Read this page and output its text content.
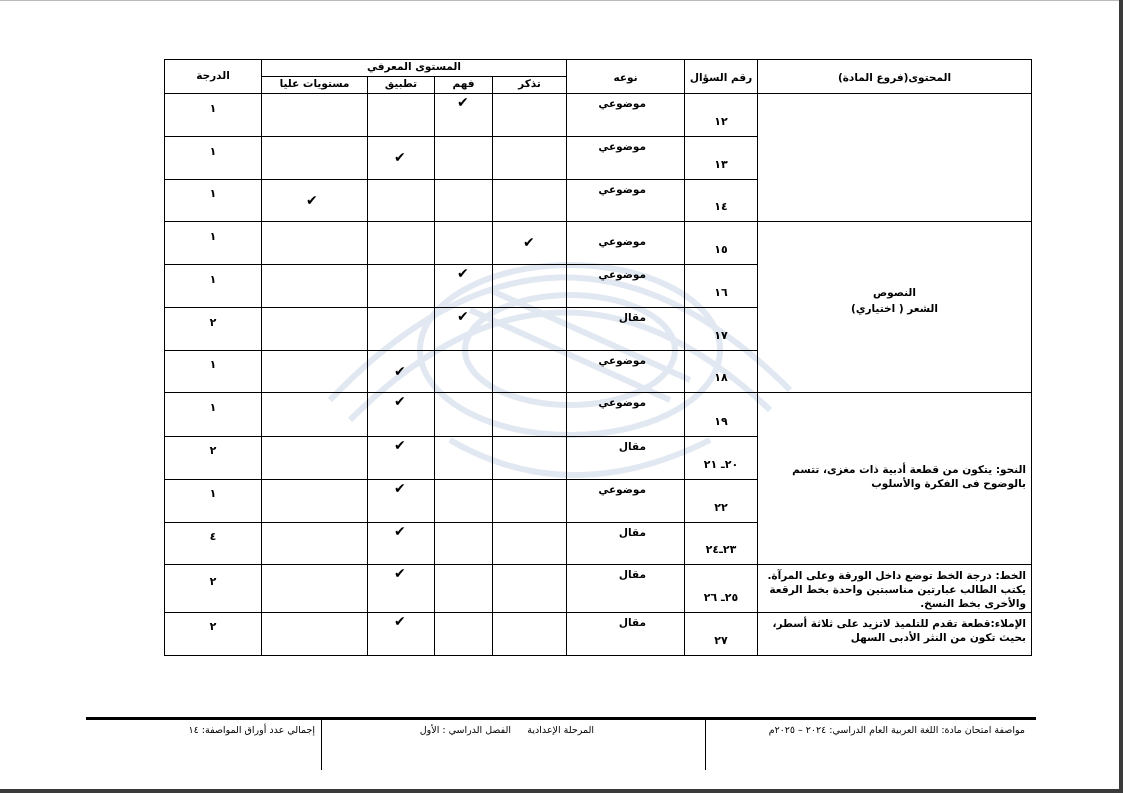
المحتوى(فروع المادة)	رقم السؤال	نوعه	المستوى المعرفي				الدرجة

			تذكر	فهم	تطبيق	مستويات عليا	

	١٢	موضوعي		✔			١

	١٣	موضوعي			✔		١

	١٤	موضوعي				✔	١

النصوص
الشعر ( اختياري)	١٥	موضوعي	✔				١

	١٦	موضوعي		✔			١

	١٧	مقال		✔			٢

	١٨	موضوعي			✔		١

النحو: يتكون من قطعة أدبية ذات مغزى، تتسم بالوضوح فى الفكرة والأسلوب	١٩	موضوعي			✔		١

	٢٠ـ ٢١	مقال			✔		٢

	٢٢	موضوعي			✔		١

	٢٣ـ٢٤	مقال			✔		٤

الخط: درجة الخط توضع داخل الورقة وعلى المرآة. يكتب الطالب عبارتين مناسبتين واحدة بخط الرقعة والأخرى بخط النسخ.	٢٥ـ ٢٦	مقال			✔		٢

الإملاء:قطعة تقدم للتلميذ لاتزيد على ثلاثة أسطر، بحيث تكون من النثر الأدبى السهل	٢٧	مقال			✔		٢
مواصفة امتحان مادة: اللغة العربية العام الدراسي: ٢٠٢٤ – ٢٠٢٥م
المرحلة الإعدادية
الفصل الدراسي : الأول
إجمالي عدد أوراق المواصفة: ١٤
